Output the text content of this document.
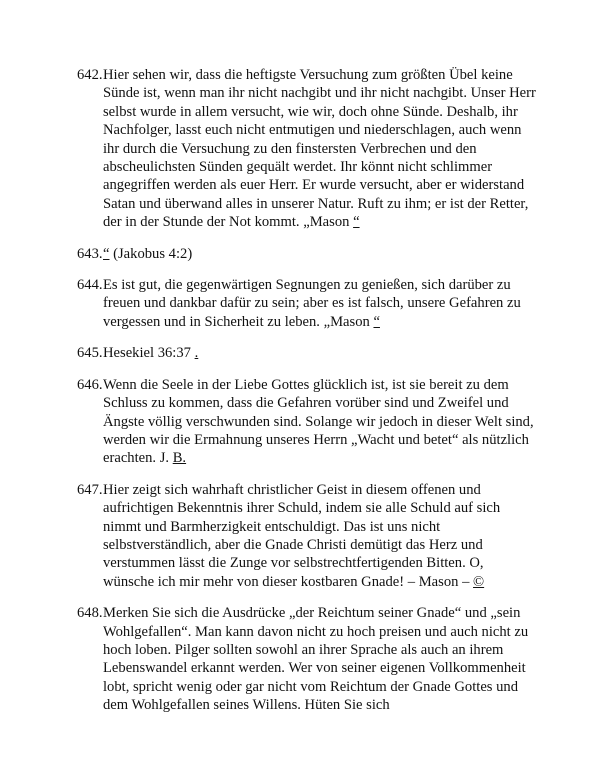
642. Hier sehen wir, dass die heftigste Versuchung zum größten Übel keine Sünde ist, wenn man ihr nicht nachgibt und ihr nicht nachgibt. Unser Herr selbst wurde in allem versucht, wie wir, doch ohne Sünde. Deshalb, ihr Nachfolger, lasst euch nicht entmutigen und niederschlagen, auch wenn ihr durch die Versuchung zu den finstersten Verbrechen und den abscheulichsten Sünden gequält werdet. Ihr könnt nicht schlimmer angegriffen werden als euer Herr. Er wurde versucht, aber er widerstand Satan und überwand alles in unserer Natur. Ruft zu ihm; er ist der Retter, der in der Stunde der Not kommt. „Mason “

643. “ (Jakobus 4:2)

644. Es ist gut, die gegenwärtigen Segnungen zu genießen, sich darüber zu freuen und dankbar dafür zu sein; aber es ist falsch, unsere Gefahren zu vergessen und in Sicherheit zu leben. „Mason “

645. Hesekiel 36:37 .

646. Wenn die Seele in der Liebe Gottes glücklich ist, ist sie bereit zu dem Schluss zu kommen, dass die Gefahren vorüber sind und Zweifel und Ängste völlig verschwunden sind. Solange wir jedoch in dieser Welt sind, werden wir die Ermahnung unseres Herrn „Wacht und betet“ als nützlich erachten. J. B.

647. Hier zeigt sich wahrhaft christlicher Geist in diesem offenen und aufrichtigen Bekenntnis ihrer Schuld, indem sie alle Schuld auf sich nimmt und Barmherzigkeit entschuldigt. Das ist uns nicht selbstverständlich, aber die Gnade Christi demütigt das Herz und verstummen lässt die Zunge vor selbstrechtfertigenden Bitten. O, wünsche ich mir mehr von dieser kostbaren Gnade! – Mason – ©

648. Merken Sie sich die Ausdrücke „der Reichtum seiner Gnade“ und „sein Wohlgefallen“. Man kann davon nicht zu hoch preisen und auch nicht zu hoch loben. Pilger sollten sowohl an ihrer Sprache als auch an ihrem Lebenswandel erkannt werden. Wer von seiner eigenen Vollkommenheit lobt, spricht wenig oder gar nicht vom Reichtum der Gnade Gottes und dem Wohlgefallen seines Willens. Hüten Sie sich
